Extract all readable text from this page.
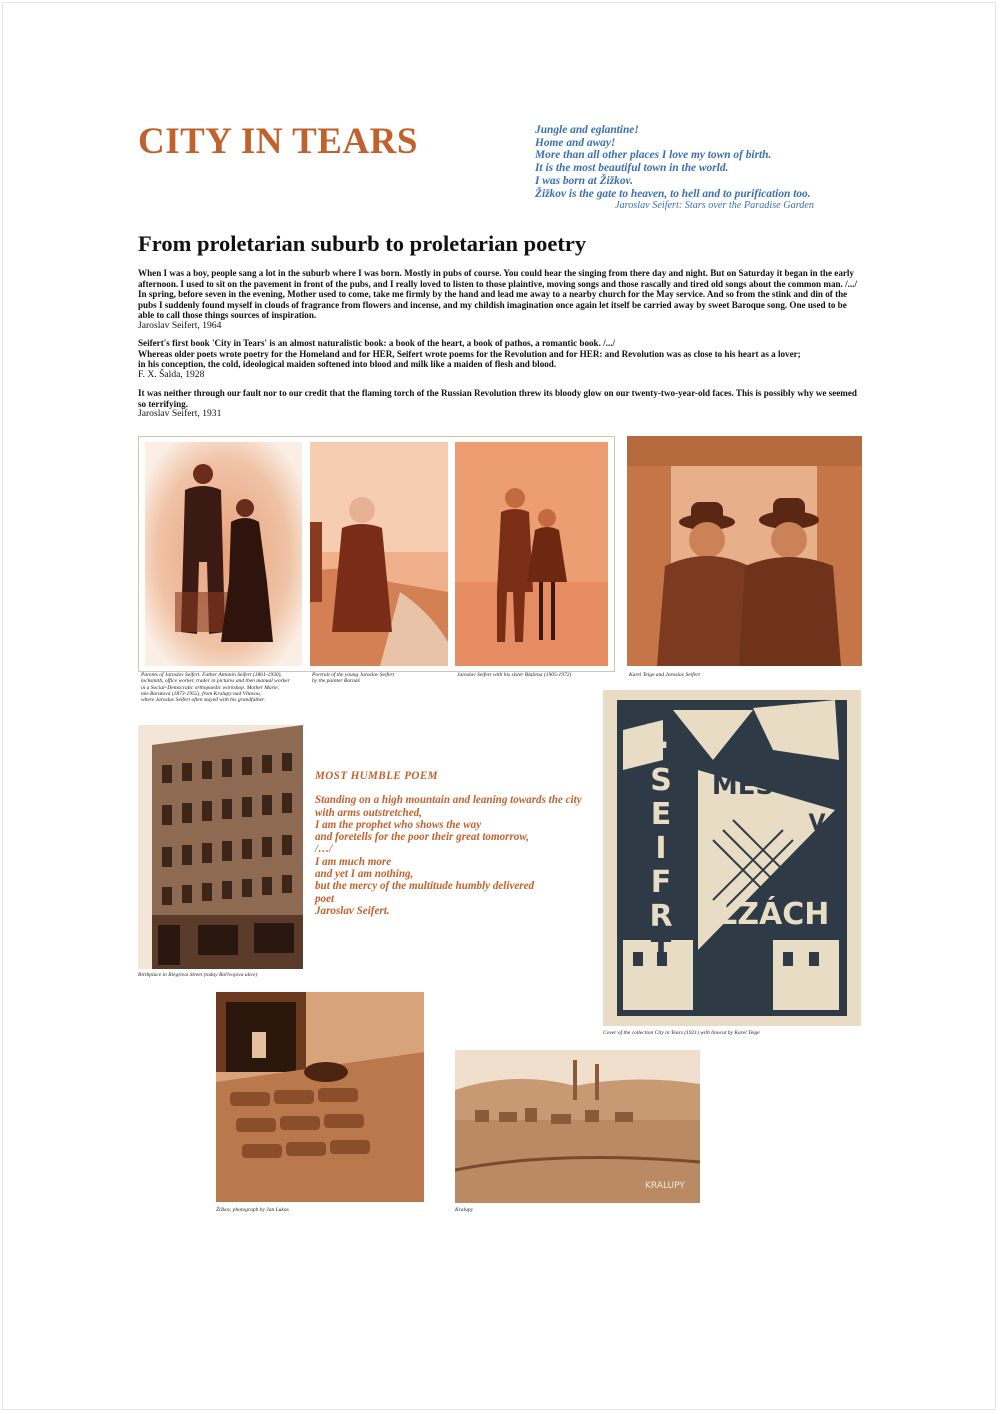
CITY IN TEARS	Jungle and eglantine!
Home and away!
More than all other places I love my town of birth.
It is the most beautiful town in the world.
I was born at Žižkov.
Žižkov is the gate to heaven, to hell and to purification too.
Jaroslav Seifert: Stars over the Paradise Garden
From proletarian suburb to proletarian poetry

When I was a boy, people sang a lot in the suburb where I was born. Mostly in pubs of course. You could hear the singing from there day and night. But on Saturday it began in the early

afternoon. I used to sit on the pavement in front of the pubs, and I really loved to listen to those plaintive, moving songs and those rascally and tired old songs about the common man. /.../

In spring, before seven in the evening, Mother used to come, take me firmly by the hand and lead me away to a nearby church for the May service. And so from the stink and din of the

pubs I suddenly found myself in clouds of fragrance from flowers and incense, and my childish imagination once again let itself be carried away by sweet Baroque song. One used to be

able to call those things sources of inspiration.

Jaroslav Seifert, 1964

Seifert's first book 'City in Tears' is an almost naturalistic book: a book of the heart, a book of pathos, a romantic book. /.../

Whereas older poets wrote poetry for the Homeland and for HER, Seifert wrote poems for the Revolution and for HER: and Revolution was as close to his heart as a lover;

in his conception, the cold, ideological maiden softened into blood and milk like a maiden of flesh and blood.

F. X. Šalda, 1928

It was neither through our fault nor to our credit that the flaming torch of the Russian Revolution threw its bloody glow on our twenty-two-year-old faces. This is possibly why we seemed

so terrifying.

Jaroslav Seifert, 1931
Parents of Jaroslav Seifert. Father Antonín Seifert (1861-1930),
locksmith, office worker, trader in pictures and then manual worker
in a Social–Democratic orthopaedic workshop. Mother Marie,
née Borutová (1873-1955), from Kralupy nad Vltavou,
where Jaroslav Seifert often stayed with his grandfather.
Portrait of the young Jaroslav Seifert
by the painter Barnáš
Jaroslav Seifert with his sister Blažena (1905-1972)	Karel Teige and Jaroslav Seifert
Birthplace in Riegrova Street (today Bořivojova ulice)
MOST HUMBLE POEM
Standing on a high mountain and leaning towards the city
with arms outstretched,
I am the prophet who shows the way
and foretells for the poor their great tomorrow,
/…/
I am much more
and yet I am nothing,
but the mercy of the multitude humbly delivered
poet
Jaroslav Seifert.
J.
S
E
I
F
R
T
MĚSTO
V
SLZÁCH
Cover of the collection City in Tears (1921) with linocut by Karel Teige
Žižkov, photograph by Jan Lukas
KRALUPY
Kralupy
